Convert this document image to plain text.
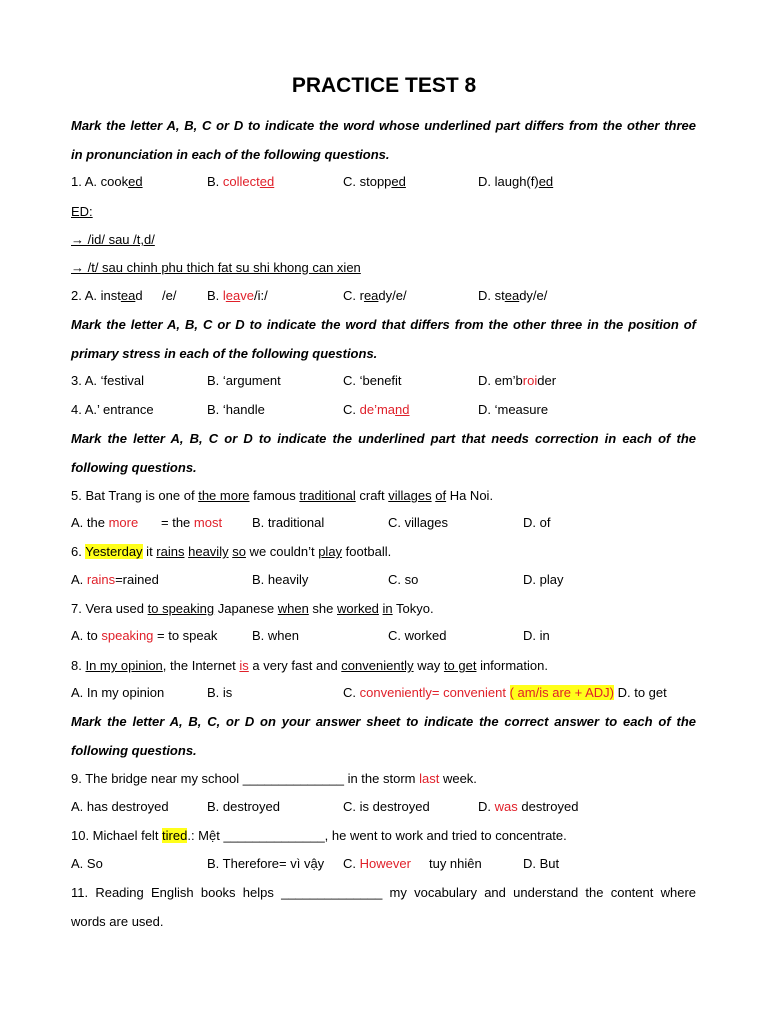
PRACTICE TEST 8
Mark the letter A, B, C or D to indicate the word whose underlined part differs from the other three
in pronunciation in each of the following questions.
1. A. cooked	B. collected	C. stopped	D. laugh(f)ed
ED:
→ /id/ sau /t,d/
→ /t/ sau chinh phu thich fat su shi khong can xien
2. A. instead /e/ B. leave/i:/	C. ready/e/	D. steady/e/
Mark the letter A, B, C or D to indicate the word that differs from the other three in the position of
primary stress in each of the following questions.
3. A. ‘festival	B. ‘argument	C. ‘benefit	D. em’broider
4. A.’ entrance	B. ‘handle	C. de’mand	D. ‘measure
Mark the letter A, B, C or D to indicate the underlined part that needs correction in each of the
following questions.
5. Bat Trang is one of the more famous traditional craft villages of Ha Noi.
A. the more = the most B. traditional	C. villages	D. of
6. Yesterday it rains heavily so we couldn’t play football.
A. rains=rained	B. heavily	C. so	D. play
7. Vera used to speaking Japanese when she worked in Tokyo.
A. to speaking = to speak	B. when	C. worked	D. in
8. In my opinion, the Internet is a very fast and conveniently way to get information.
A. In my opinion	B. is	C. conveniently= convenient ( am/is are + ADJ) D. to get
Mark the letter A, B, C, or D on your answer sheet to indicate the correct answer to each of the
following questions.
9. The bridge near my school ______________ in the storm last week.
A. has destroyed	B. destroyed	C. is destroyed	D. was destroyed
10. Michael felt tired.: Mệt ______________, he went to work and tried to concentrate.
A. So	B. Therefore= vì vậy C. However     tuy nhiên	D. But
11. Reading English books helps ______________ my vocabulary and understand the content where
words are used.
